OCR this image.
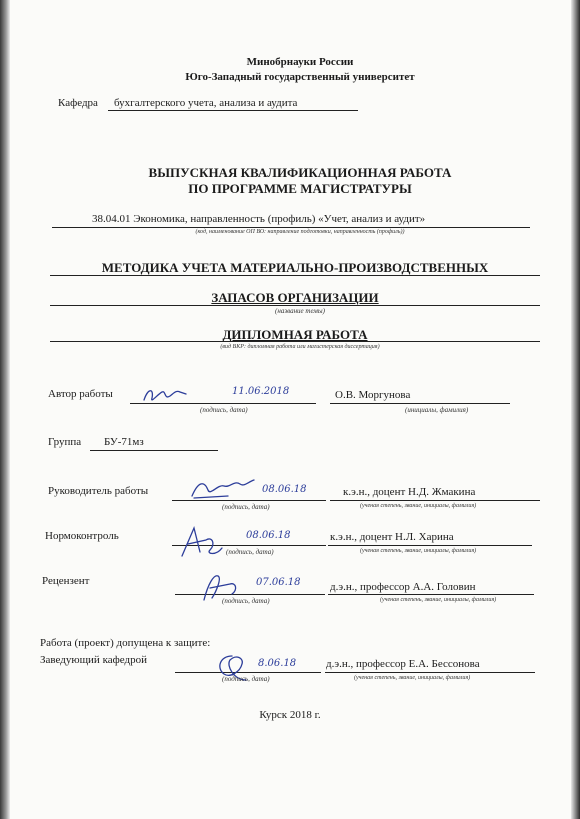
Минобрнауки России
Юго-Западный государственный университет
Кафедра бухгалтерского учета, анализа и аудита
ВЫПУСКНАЯ КВАЛИФИКАЦИОННАЯ РАБОТА
ПО ПРОГРАММЕ МАГИСТРАТУРЫ
38.04.01 Экономика, направленность (профиль) «Учет, анализ и аудит»
(код, наименование ОП ВО: направление подготовки, направленность (профиль))
МЕТОДИКА УЧЕТА МАТЕРИАЛЬНО-ПРОИЗВОДСТВЕННЫХ
ЗАПАСОВ ОРГАНИЗАЦИИ
(название темы)
ДИПЛОМНАЯ РАБОТА
(вид ВКР: дипломная работа или магистерская диссертация)
Автор работы	11.06.2018
(подпись, дата)
О.В. Моргунова
(инициалы, фамилия)
Группа БУ-71мз
Руководитель работы	08.06.18
(подпись, дата)
к.э.н., доцент Н.Д. Жмакина
(ученая степень, звание, инициалы, фамилия)
Нормоконтроль	08.06.18
(подпись, дата)
к.э.н., доцент Н.Л. Харина
(ученая степень, звание, инициалы, фамилия)
Рецензент	07.06.18
(подпись, дата)
д.э.н., профессор А.А. Головин
(ученая степень, звание, инициалы, фамилия)
Работа (проект) допущена к защите:
Заведующий кафедрой	8.06.18
(подпись, дата)
д.э.н., профессор Е.А. Бессонова
(ученая степень, звание, инициалы, фамилия)
Курск 2018 г.
